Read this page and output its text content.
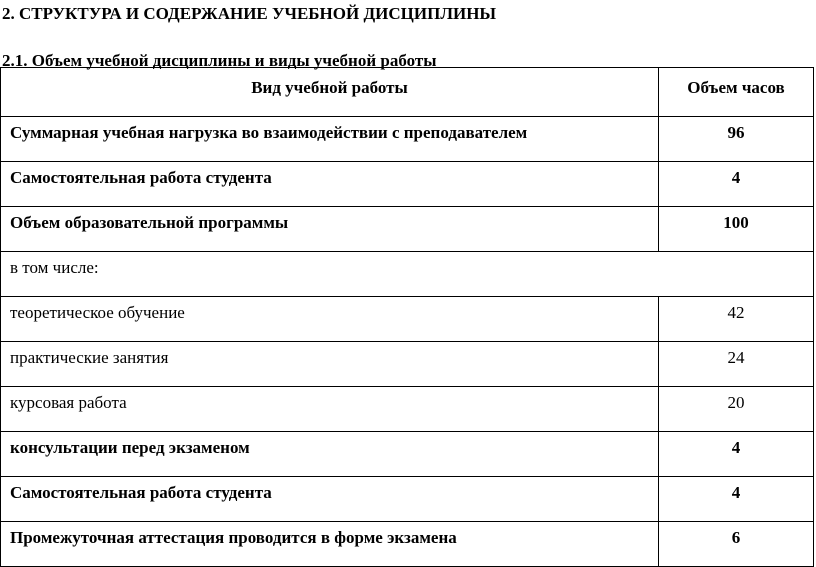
2. СТРУКТУРА И СОДЕРЖАНИЕ УЧЕБНОЙ ДИСЦИПЛИНЫ
2.1. Объем учебной дисциплины и виды учебной работы
Вид учебной работы	Объем часов
Суммарная учебная нагрузка во взаимодействии с преподавателем	96
Самостоятельная работа студента	4
Объем образовательной программы	100
в том числе:	
теоретическое обучение	42
практические занятия	24
курсовая работа	20
консультации перед экзаменом	4
Самостоятельная работа студента	4
Промежуточная аттестация проводится в форме экзамена	6
